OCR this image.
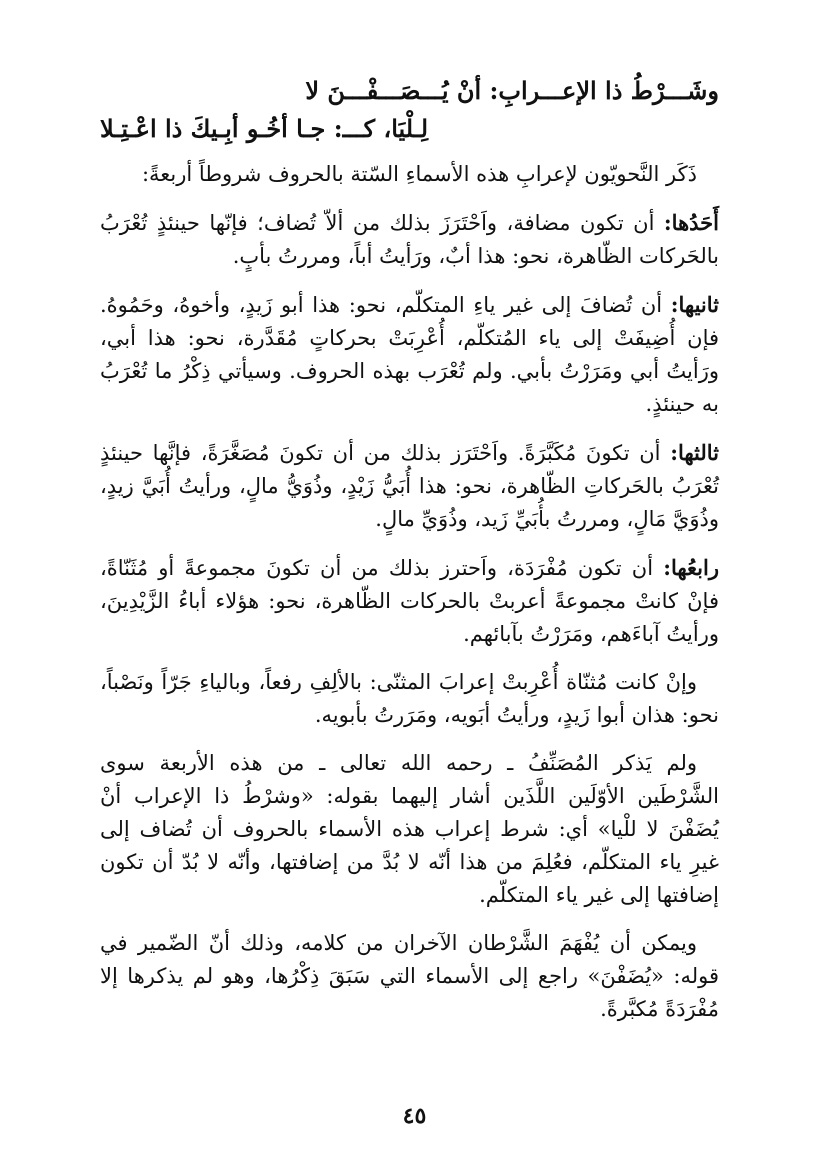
وشَـــرْطُ ذا الإعـــرابِ: أنْ يُـــصَـــفْـــنَ لا

لِـلْيَا، كـــ: جـا أخُـو أبِـيكَ ذا اعْـتِـلا

ذَكَر النَّحويّون لإعرابِ هذه الأسماءِ السّتة بالحروف شروطاً أربعةً:

أَحَدُها: أن تكون مضافة، واَحْتَرَزَ بذلك من ألاّ تُضاف؛ فإنّها حينئذٍ تُعْرَبُ بالحَركات الظّاهرة، نحو: هذا أبٌ، ورَأيتُ أباً، ومررتُ بأبٍ.

ثانيها: أن تُضافَ إلى غير ياءِ المتكلّم، نحو: هذا أبو زَيدٍ، وأخوهُ، وحَمُوهُ. فإن أُضِيفَتْ إلى ياء المُتكلّم، أُعْرِبَتْ بحركاتٍ مُقَدَّرة، نحو: هذا أبي، ورَأيتُ أبي ومَرَرْتُ بأبي. ولم تُعْرَب بهذه الحروف. وسيأتي ذِكْرُ ما تُعْرَبُ به حينئذٍ.

ثالثها: أن تكونَ مُكَبَّرَةً. واَحْتَرَز بذلك من أن تكونَ مُصَغَّرَةً، فإنَّها حينئذٍ تُعْرَبُ بالحَركاتِ الظّاهرة، نحو: هذا أُبَيُّ زَيْدٍ، وذُوَيُّ مالٍ، ورأيتُ أُبَيَّ زيدٍ، وذُوَيَّ مَالٍ، ومررتُ بأُبَيِّ زَيد، وذُوَيِّ مالٍ.

رابعُها: أن تكون مُفْرَدَة، واَحترز بذلك من أن تكونَ مجموعةً أو مُثَنّاةً، فإنْ كانتْ مجموعةً أعربتْ بالحركات الظّاهرة، نحو: هؤلاء أباءُ الزَّيْدِينَ، ورأيتُ آباءَهم، ومَرَرْتُ بآبائهم.

وإنْ كانت مُثنّاة أُعْرِبتْ إعرابَ المثنّى: بالألِفِ رفعاً، وبالياءِ جَرّاً ونَصْباً، نحو: هذان أبوا زَيدٍ، ورأيتُ أبَويه، ومَرَرتُ بأبويه.

ولم يَذكر المُصَنِّفُ ـ رحمه الله تعالى ـ من هذه الأربعة سوى الشَّرْطَين الأوّلَين اللَّذَين أشار إليهما بقوله: «وشرْطُ ذا الإعراب أنْ يُضَفْنَ لا للْيا» أي: شرط إعراب هذه الأسماء بالحروف أن تُضاف إلى غيرِ ياء المتكلّم، فعُلِمَ من هذا أنّه لا بُدَّ من إضافتها، وأنّه لا بُدّ أن تكون إضافتها إلى غير ياء المتكلّم.

ويمكن أن يُفْهَمَ الشَّرْطان الآخران من كلامه، وذلك أنّ الضّمير في قوله: «يُضَفْنَ» راجع إلى الأسماء التي سَبَقَ ذِكْرُها، وهو لم يذكرها إلا مُفْرَدَةً مُكبَّرةً.

٤٥
